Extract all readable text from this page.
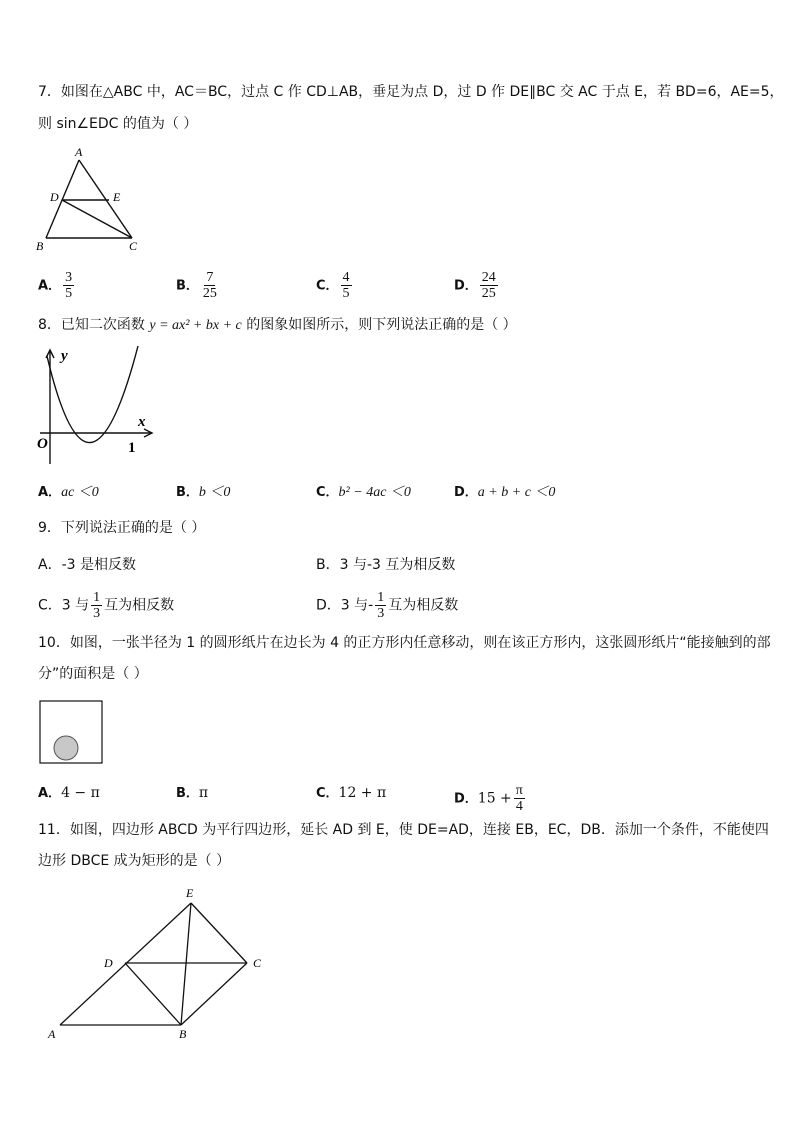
7．如图在△ABC 中，AC＝BC，过点 C 作 CD⊥AB，垂足为点 D，过 D 作 DE∥BC 交 AC 于点 E，若 BD=6，AE=5，
则 sin∠EDC 的值为（ ）
A
D	E
B	C
A． $\frac{3}{5}$	B． $\frac{7}{25}$	C． $\frac{4}{5}$	D． $\frac{24}{25}$
8．已知二次函数 y = ax² + bx + c 的图象如图所示，则下列说法正确的是（ ）
y
x
O	1
A．ac ＜0	B．b ＜0	C．b² − 4ac ＜0	D．a + b + c ＜0
9．下列说法正确的是（ ）
A．-3 是相反数	B．3 与-3 互为相反数
C．3 与 $\frac{1}{3}$ 互为相反数	D．3 与- $\frac{1}{3}$ 互为相反数
10．如图，一张半径为 1 的圆形纸片在边长为 4 的正方形内任意移动，则在该正方形内，这张圆形纸片“能接触到的部
分”的面积是（ ）
A．4 − π	B．π	C．12 + π	D．$15 + \frac{\pi}{4}$
11．如图，四边形 ABCD 为平行四边形，延长 AD 到 E，使 DE=AD，连接 EB，EC，DB．添加一个条件，不能使四
边形 DBCE 成为矩形的是（ ）
E
D	C
A	B
